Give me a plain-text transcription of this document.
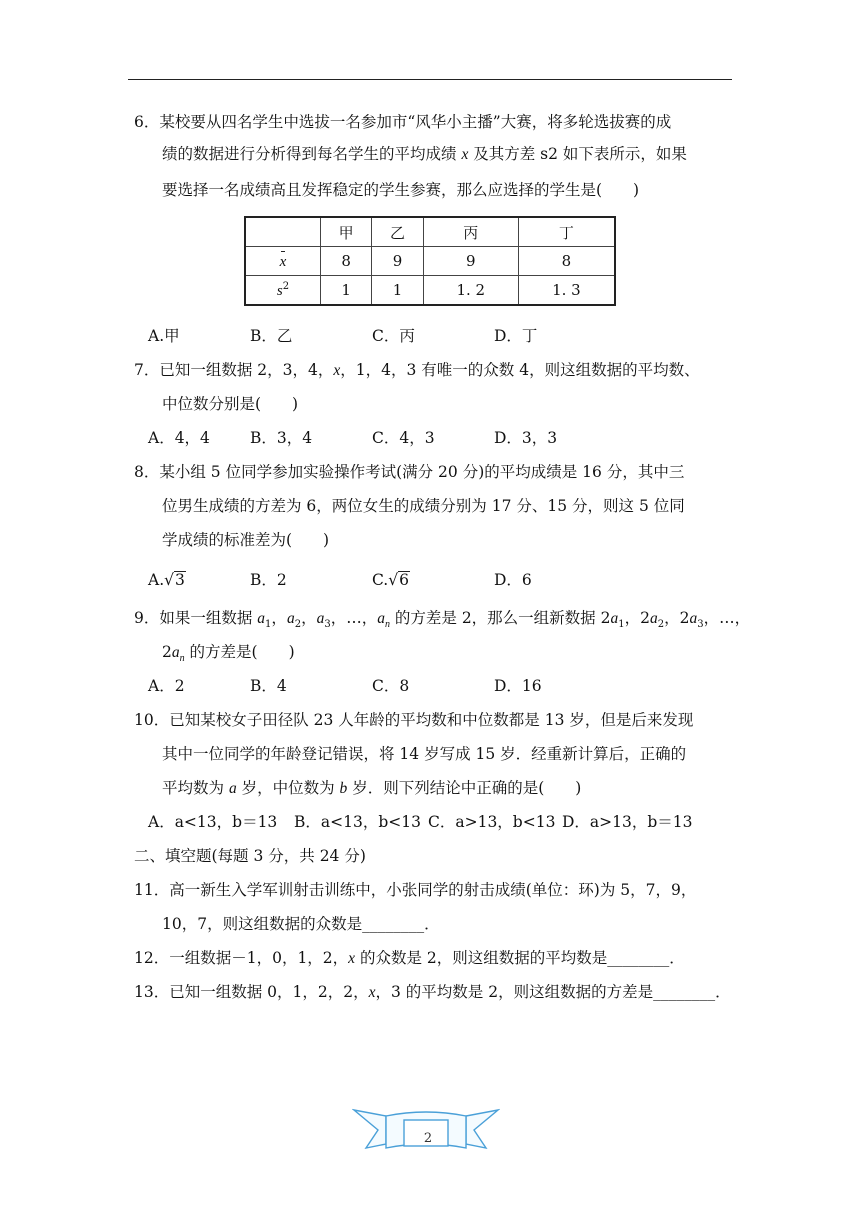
6．某校要从四名学生中选拔一名参加市“风华小主播”大赛，将多轮选拔赛的成
绩的数据进行分析得到每名学生的平均成绩 x 及其方差 s2 如下表所示，如果
要选择一名成绩高且发挥稳定的学生参赛，那么应选择的学生是(　　)
	甲	乙	丙	丁
x	8	9	9	8
$s^2$	1	1	1. 2	1. 3
A.甲	B．乙	C．丙	D．丁
7．已知一组数据 2，3，4，x，1，4，3 有唯一的众数 4，则这组数据的平均数、
中位数分别是(　　)
A．4，4	B．3，4	C．4，3	D．3，3
8．某小组 5 位同学参加实验操作考试(满分 20 分)的平均成绩是 16 分，其中三
位男生成绩的方差为 6，两位女生的成绩分别为 17 分、15 分，则这 5 位同
学成绩的标准差为(　　)
A.√3	B．2	C.√6	D．6
9．如果一组数据 $a_1$，$a_2$，$a_3$，…，$a_n$ 的方差是 2，那么一组新数据 $2a_1$，$2a_2$，$2a_3$，…，
$2a_n$ 的方差是(　　)
A．2	B．4	C．8	D．16
10．已知某校女子田径队 23 人年龄的平均数和中位数都是 13 岁，但是后来发现
其中一位同学的年龄登记错误，将 14 岁写成 15 岁．经重新计算后，正确的
平均数为 a 岁，中位数为 b 岁．则下列结论中正确的是(　　)
A．a<13，b＝13 B．a<13，b<13 C．a>13，b<13 D．a>13，b＝13
二、填空题(每题 3 分，共 24 分)
11．高一新生入学军训射击训练中，小张同学的射击成绩(单位：环)为 5，7，9，
10，7，则这组数据的众数是________．
12．一组数据－1，0，1，2，x 的众数是 2，则这组数据的平均数是________．
13．已知一组数据 0，1，2，2，x，3 的平均数是 2，则这组数据的方差是________．
2
